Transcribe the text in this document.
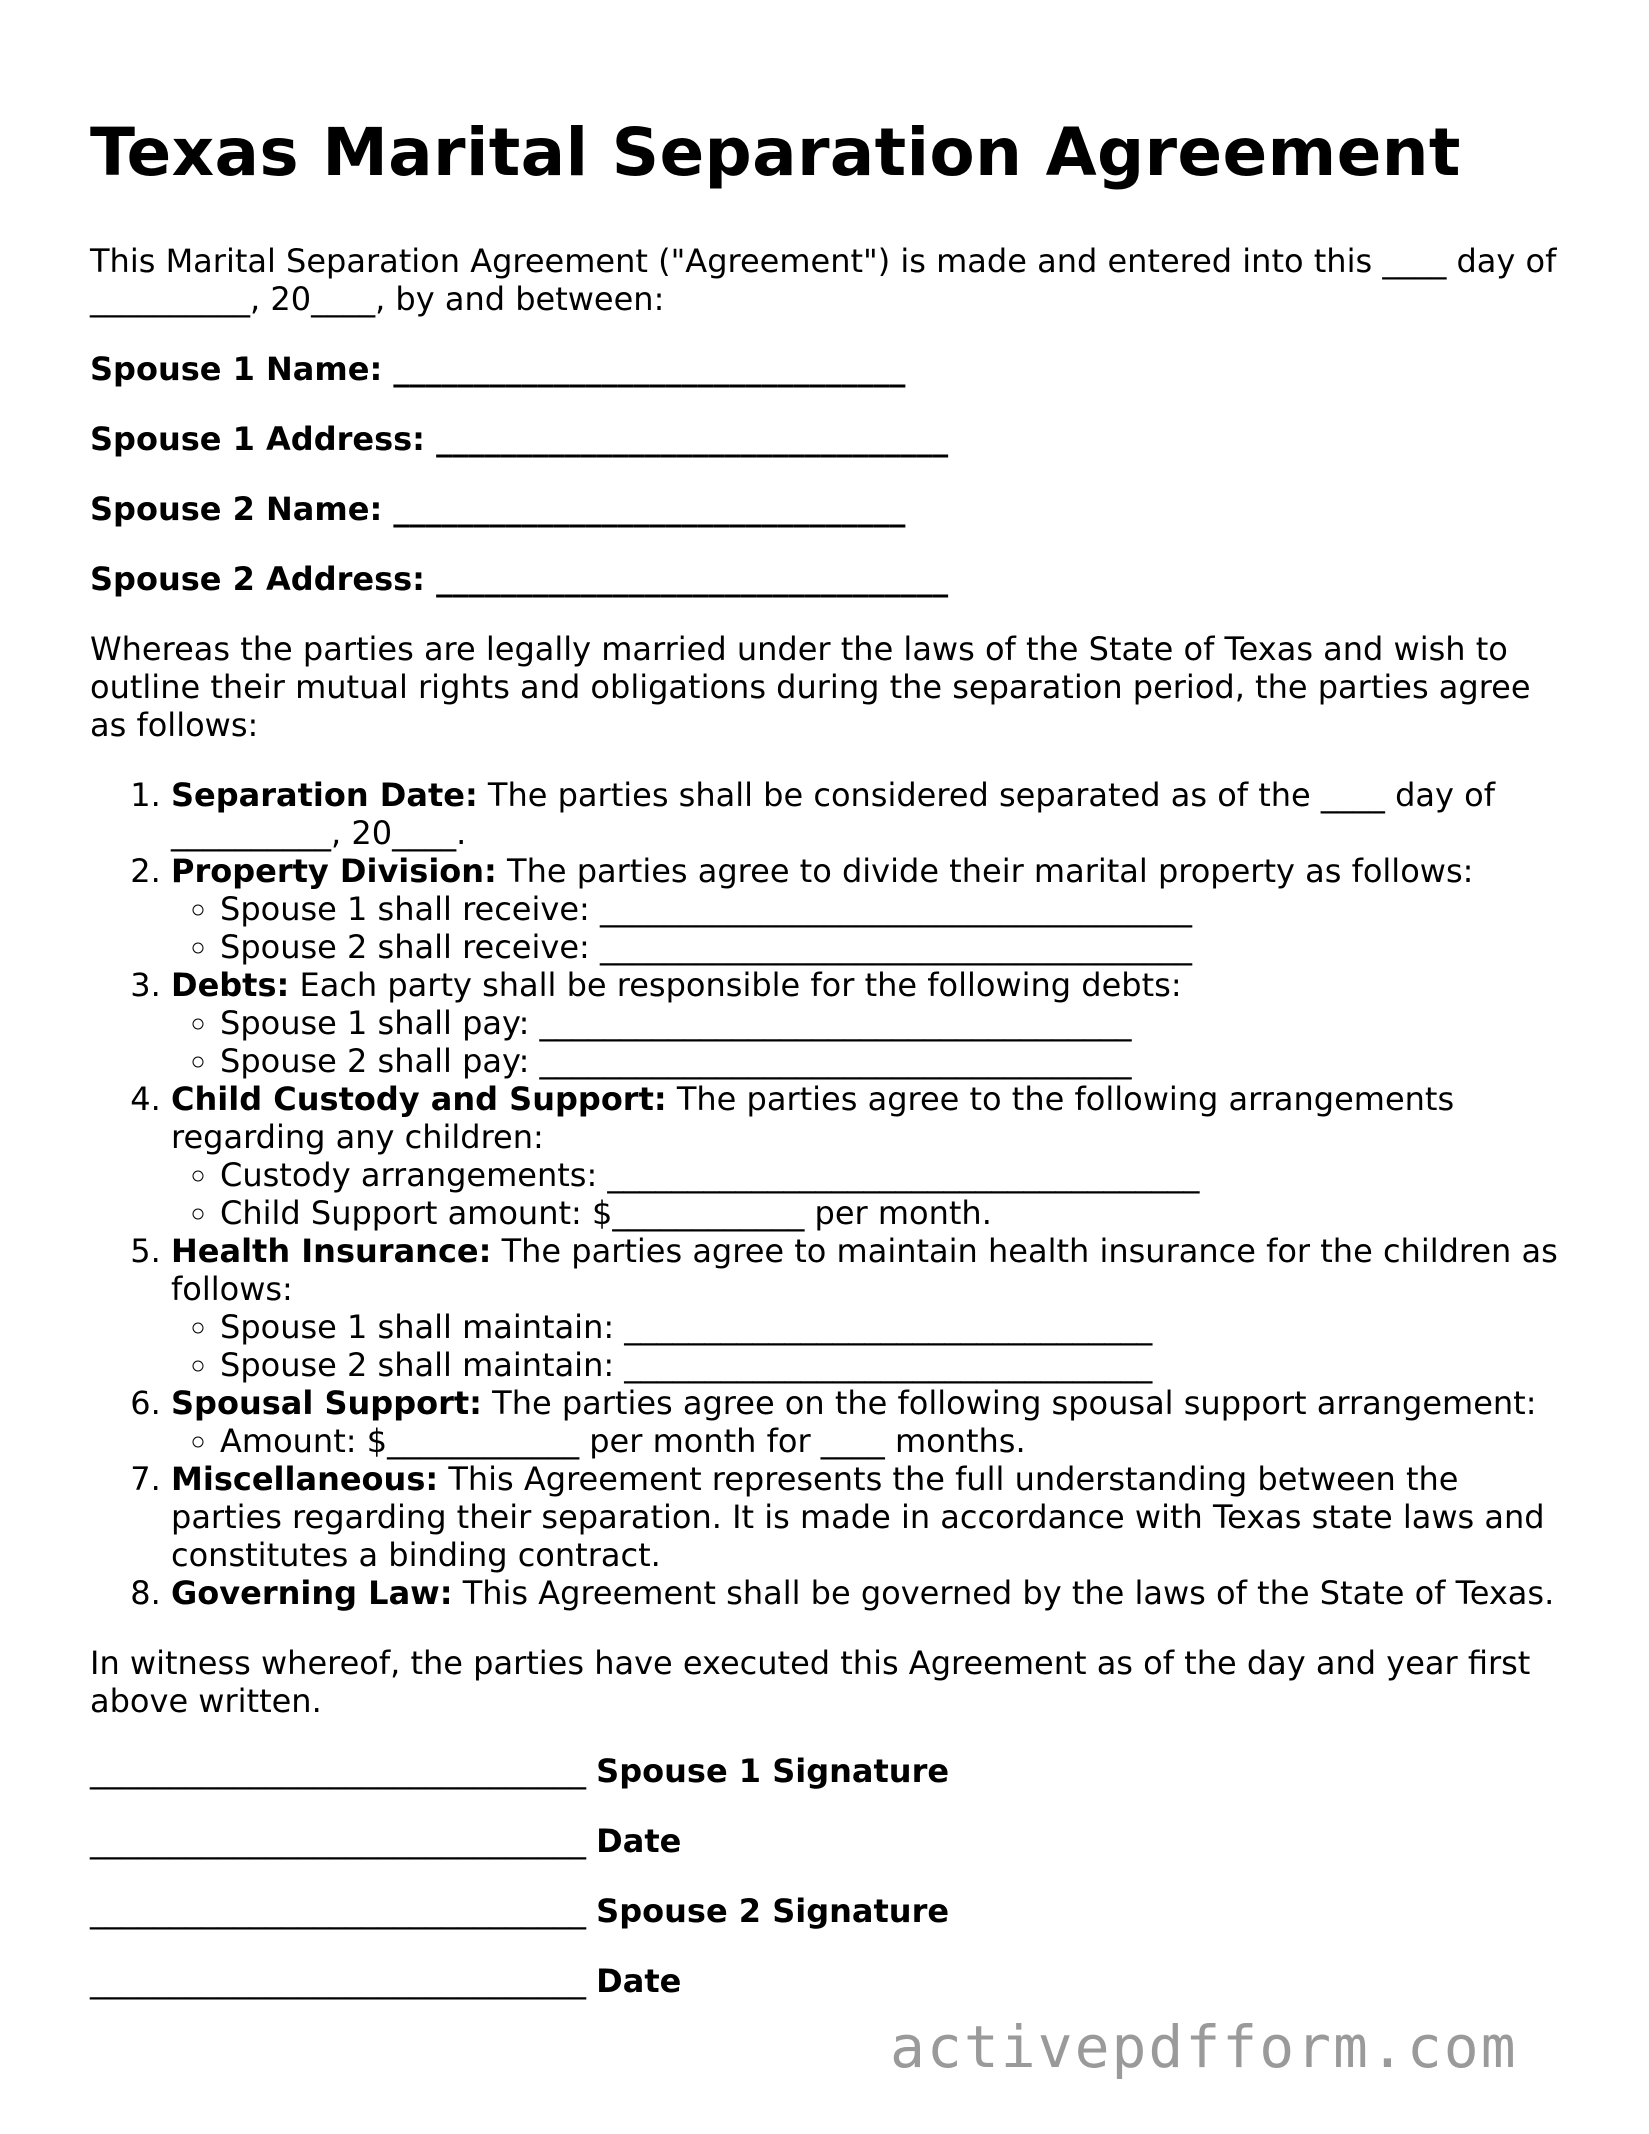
Texas Marital Separation Agreement

This Marital Separation Agreement ("Agreement") is made and entered into this ____ day of __________, 20____, by and between:

Spouse 1 Name: ________________________________

Spouse 1 Address: ________________________________

Spouse 2 Name: ________________________________

Spouse 2 Address: ________________________________

Whereas the parties are legally married under the laws of the State of Texas and wish to outline their mutual rights and obligations during the separation period, the parties agree as follows:

1. Separation Date: The parties shall be considered separated as of the ____ day of __________, 20____.
2. Property Division: The parties agree to divide their marital property as follows:
◦ Spouse 1 shall receive: _____________________________________
◦ Spouse 2 shall receive: _____________________________________
3. Debts: Each party shall be responsible for the following debts:
◦ Spouse 1 shall pay: _____________________________________
◦ Spouse 2 shall pay: _____________________________________
4. Child Custody and Support: The parties agree to the following arrangements regarding any children:
◦ Custody arrangements: _____________________________________
◦ Child Support amount: $____________ per month.
5. Health Insurance: The parties agree to maintain health insurance for the children as follows:
◦ Spouse 1 shall maintain: _________________________________
◦ Spouse 2 shall maintain: _________________________________
6. Spousal Support: The parties agree on the following spousal support arrangement:
◦ Amount: $____________ per month for ____ months.
7. Miscellaneous: This Agreement represents the full understanding between the parties regarding their separation. It is made in accordance with Texas state laws and constitutes a binding contract.
8. Governing Law: This Agreement shall be governed by the laws of the State of Texas.

In witness whereof, the parties have executed this Agreement as of the day and year first above written.

_______________________________ Spouse 1 Signature

_______________________________ Date

_______________________________ Spouse 2 Signature

_______________________________ Date

activepdfform.com
